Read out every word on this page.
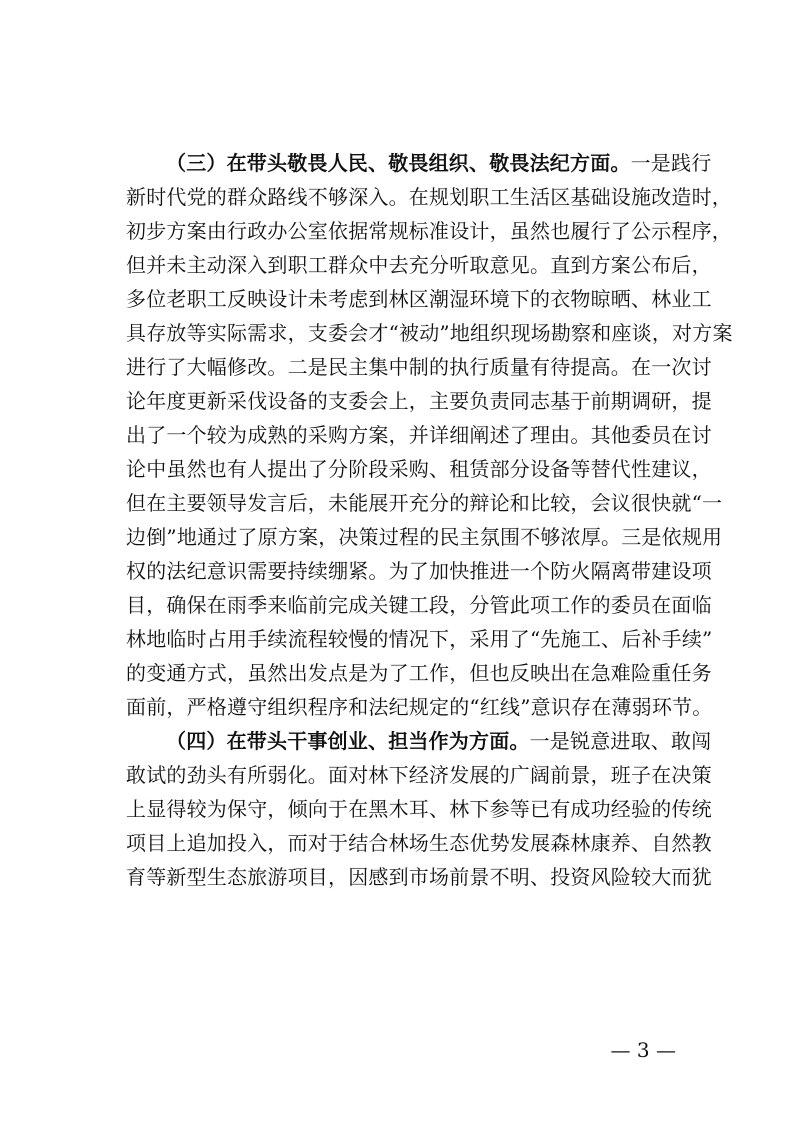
（三）在带头敬畏人民、敬畏组织、敬畏法纪方面。一是践行
新时代党的群众路线不够深入。在规划职工生活区基础设施改造时，
初步方案由行政办公室依据常规标准设计，虽然也履行了公示程序，
但并未主动深入到职工群众中去充分听取意见。直到方案公布后，
多位老职工反映设计未考虑到林区潮湿环境下的衣物晾晒、林业工
具存放等实际需求，支委会才“被动”地组织现场勘察和座谈，对方案
进行了大幅修改。二是民主集中制的执行质量有待提高。在一次讨
论年度更新采伐设备的支委会上，主要负责同志基于前期调研，提
出了一个较为成熟的采购方案，并详细阐述了理由。其他委员在讨
论中虽然也有人提出了分阶段采购、租赁部分设备等替代性建议，
但在主要领导发言后，未能展开充分的辩论和比较，会议很快就“一
边倒”地通过了原方案，决策过程的民主氛围不够浓厚。三是依规用
权的法纪意识需要持续绷紧。为了加快推进一个防火隔离带建设项
目，确保在雨季来临前完成关键工段，分管此项工作的委员在面临
林地临时占用手续流程较慢的情况下，采用了“先施工、后补手续”
的变通方式，虽然出发点是为了工作，但也反映出在急难险重任务
面前，严格遵守组织程序和法纪规定的“红线”意识存在薄弱环节。
（四）在带头干事创业、担当作为方面。一是锐意进取、敢闯
敢试的劲头有所弱化。面对林下经济发展的广阔前景，班子在决策
上显得较为保守，倾向于在黑木耳、林下参等已有成功经验的传统
项目上追加投入，而对于结合林场生态优势发展森林康养、自然教
育等新型生态旅游项目，因感到市场前景不明、投资风险较大而犹
— 3 —
